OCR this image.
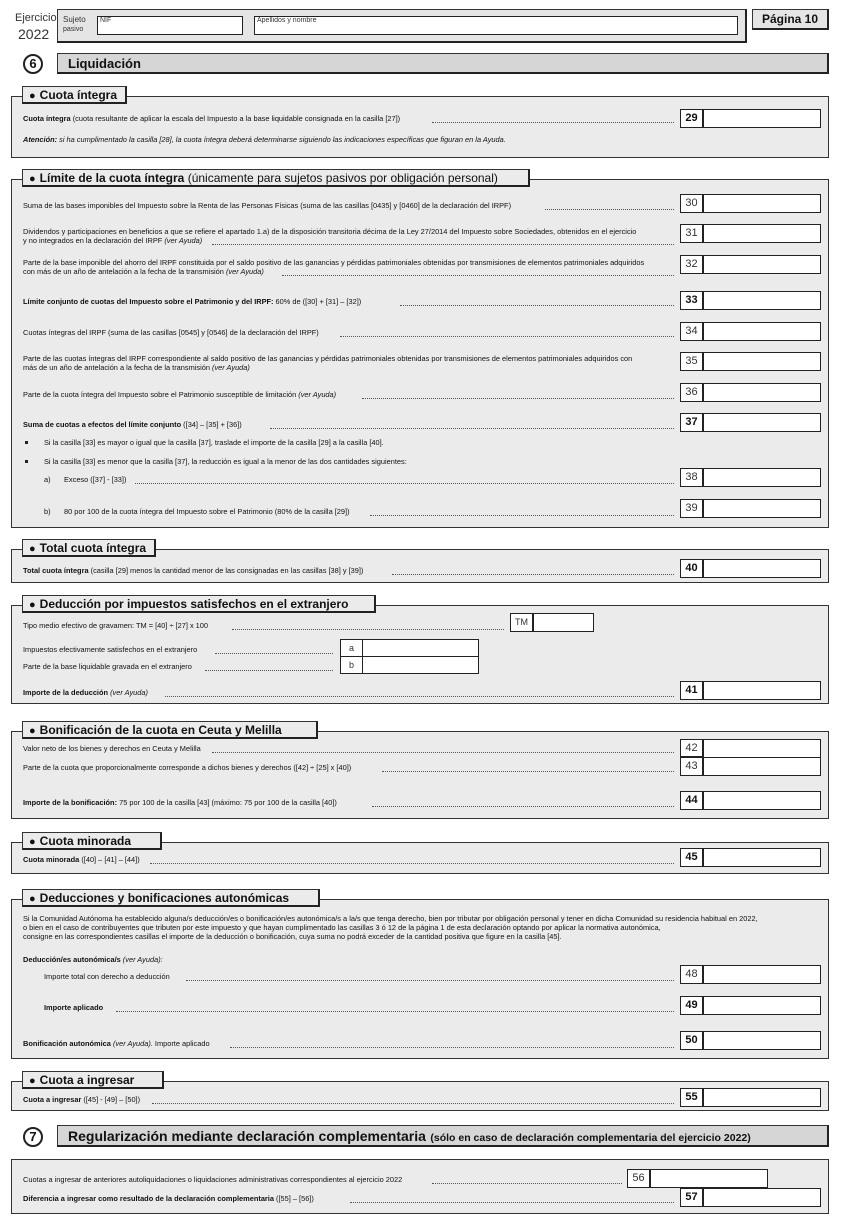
Ejercicio
2022
Sujeto
pasivo
NIF	Apellidos y nombre	Página 10
6	Liquidación
● Cuota íntegra
Cuota íntegra (cuota resultante de aplicar la escala del Impuesto a la base liquidable consignada en la casilla [27])	29
Atención: si ha cumplimentado la casilla [28], la cuota íntegra deberá determinarse siguiendo las indicaciones específicas que figuran en la Ayuda.
● Límite de la cuota íntegra (únicamente para sujetos pasivos por obligación personal)
Suma de las bases imponibles del Impuesto sobre la Renta de las Personas Físicas (suma de las casillas [0435] y [0460] de la declaración del IRPF)	30
Dividendos y participaciones en beneficios a que se refiere el apartado 1.a) de la disposición transitoria décima de la Ley 27/2014 del Impuesto sobre Sociedades, obtenidos en el ejercicio
y no integrados en la declaración del IRPF (ver Ayuda)
31
Parte de la base imponible del ahorro del IRPF constituida por el saldo positivo de las ganancias y pérdidas patrimoniales obtenidas por transmisiones de elementos patrimoniales adquiridos
con más de un año de antelación a la fecha de la transmisión (ver Ayuda)
32
Límite conjunto de cuotas del Impuesto sobre el Patrimonio y del IRPF: 60% de ([30] + [31] – [32])	33
Cuotas íntegras del IRPF (suma de las casillas [0545] y [0546] de la declaración del IRPF)	34
Parte de las cuotas íntegras del IRPF correspondiente al saldo positivo de las ganancias y pérdidas patrimoniales obtenidas por transmisiones de elementos patrimoniales adquiridos con
más de un año de antelación a la fecha de la transmisión (ver Ayuda)
35
Parte de la cuota íntegra del Impuesto sobre el Patrimonio susceptible de limitación (ver Ayuda)	36
Suma de cuotas a efectos del límite conjunto ([34] – [35] + [36])	37
Si la casilla [33] es mayor o igual que la casilla [37], traslade el importe de la casilla [29] a la casilla [40].
Si la casilla [33] es menor que la casilla [37], la reducción es igual a la menor de las dos cantidades siguientes:
a) Exceso ([37] - [33])	38
b) 80 por 100 de la cuota íntegra del Impuesto sobre el Patrimonio (80% de la casilla [29])	39
● Total cuota íntegra
Total cuota íntegra (casilla [29] menos la cantidad menor de las consignadas en las casillas [38] y [39])	40
● Deducción por impuestos satisfechos en el extranjero
Tipo medio efectivo de gravamen: TM = [40] ÷ [27] x 100	TM
Impuestos efectivamente satisfechos en el extranjero	a
Parte de la base liquidable gravada en el extranjero	b
Importe de la deducción (ver Ayuda)	41
● Bonificación de la cuota en Ceuta y Melilla
Valor neto de los bienes y derechos en Ceuta y Melilla	42
Parte de la cuota que proporcionalmente corresponde a dichos bienes y derechos ([42] ÷ [25] x [40])	43
Importe de la bonificación: 75 por 100 de la casilla [43] (máximo: 75 por 100 de la casilla [40])	44
● Cuota minorada
Cuota minorada ([40] – [41] – [44])	45
● Deducciones y bonificaciones autonómicas
Si la Comunidad Autónoma ha establecido alguna/s deducción/es o bonificación/es autonómica/s a la/s que tenga derecho, bien por tributar por obligación personal y tener en dicha Comunidad su residencia habitual en 2022,
o bien en el caso de contribuyentes que tributen por este impuesto y que hayan cumplimentado las casillas 3 ó 12 de la página 1 de esta declaración optando por aplicar la normativa autonómica,
consigne en las correspondientes casillas el importe de la deducción o bonificación, cuya suma no podrá exceder de la cantidad positiva que figure en la casilla [45].
Deducción/es autonómica/s (ver Ayuda):
Importe total con derecho a deducción	48
Importe aplicado	49
Bonificación autonómica (ver Ayuda). Importe aplicado	50
● Cuota a ingresar
Cuota a ingresar ([45] - [49] – [50])	55
7	Regularización mediante declaración complementaria (sólo en caso de declaración complementaria del ejercicio 2022)
Cuotas a ingresar de anteriores autoliquidaciones o liquidaciones administrativas correspondientes al ejercicio 2022	56
Diferencia a ingresar como resultado de la declaración complementaria ([55] – [56])	57
